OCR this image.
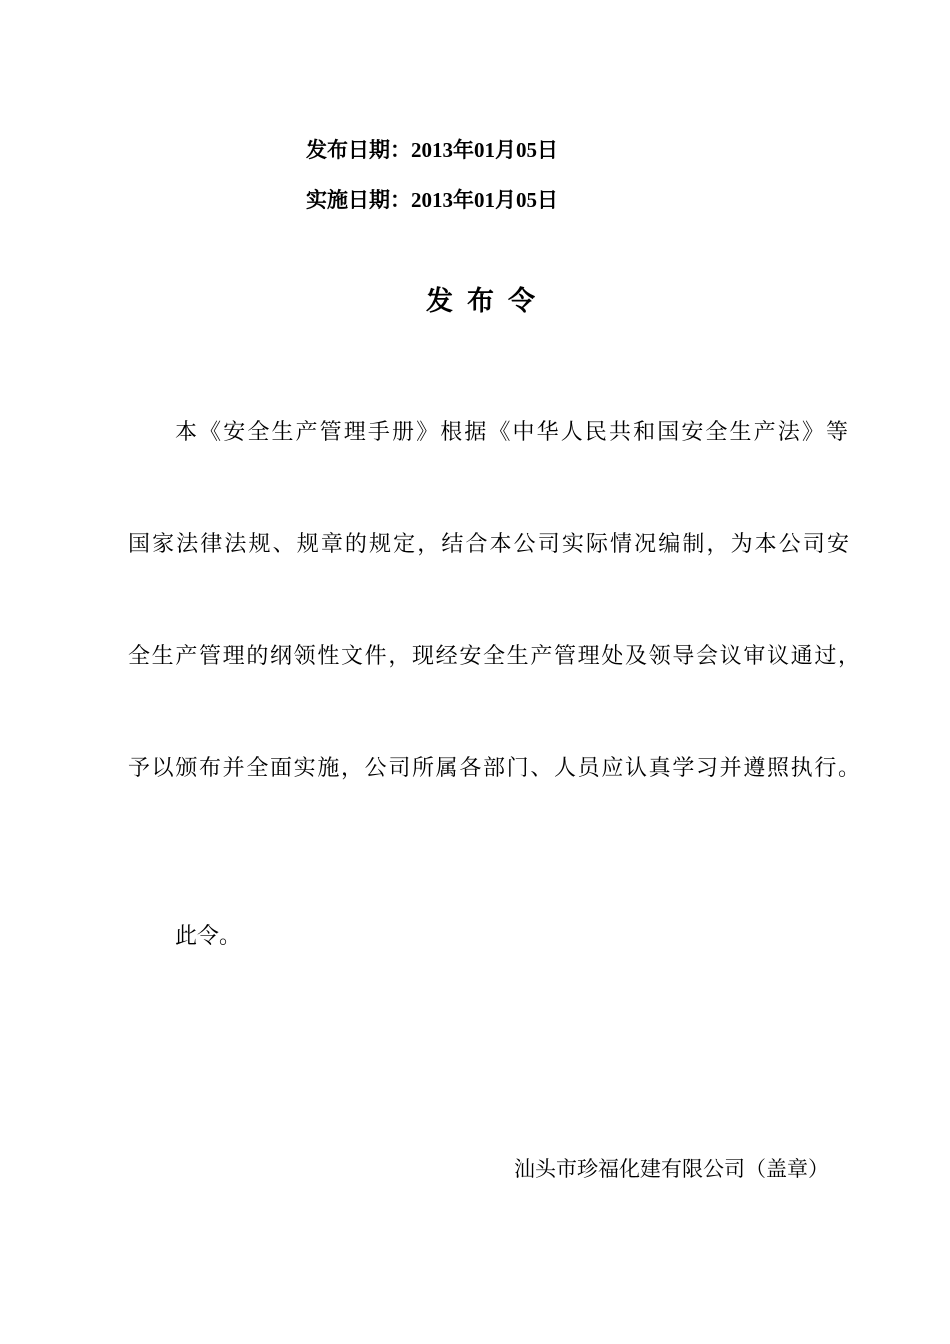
发布日期：2013年01月05日
实施日期：2013年01月05日
发布令
本《安全生产管理手册》根据《中华人民共和国安全生产法》等
国家法律法规、规章的规定，结合本公司实际情况编制，为本公司安
全生产管理的纲领性文件，现经安全生产管理处及领导会议审议通过，
予以颁布并全面实施，公司所属各部门、人员应认真学习并遵照执行。
此令。
汕头市珍福化建有限公司（盖章）
